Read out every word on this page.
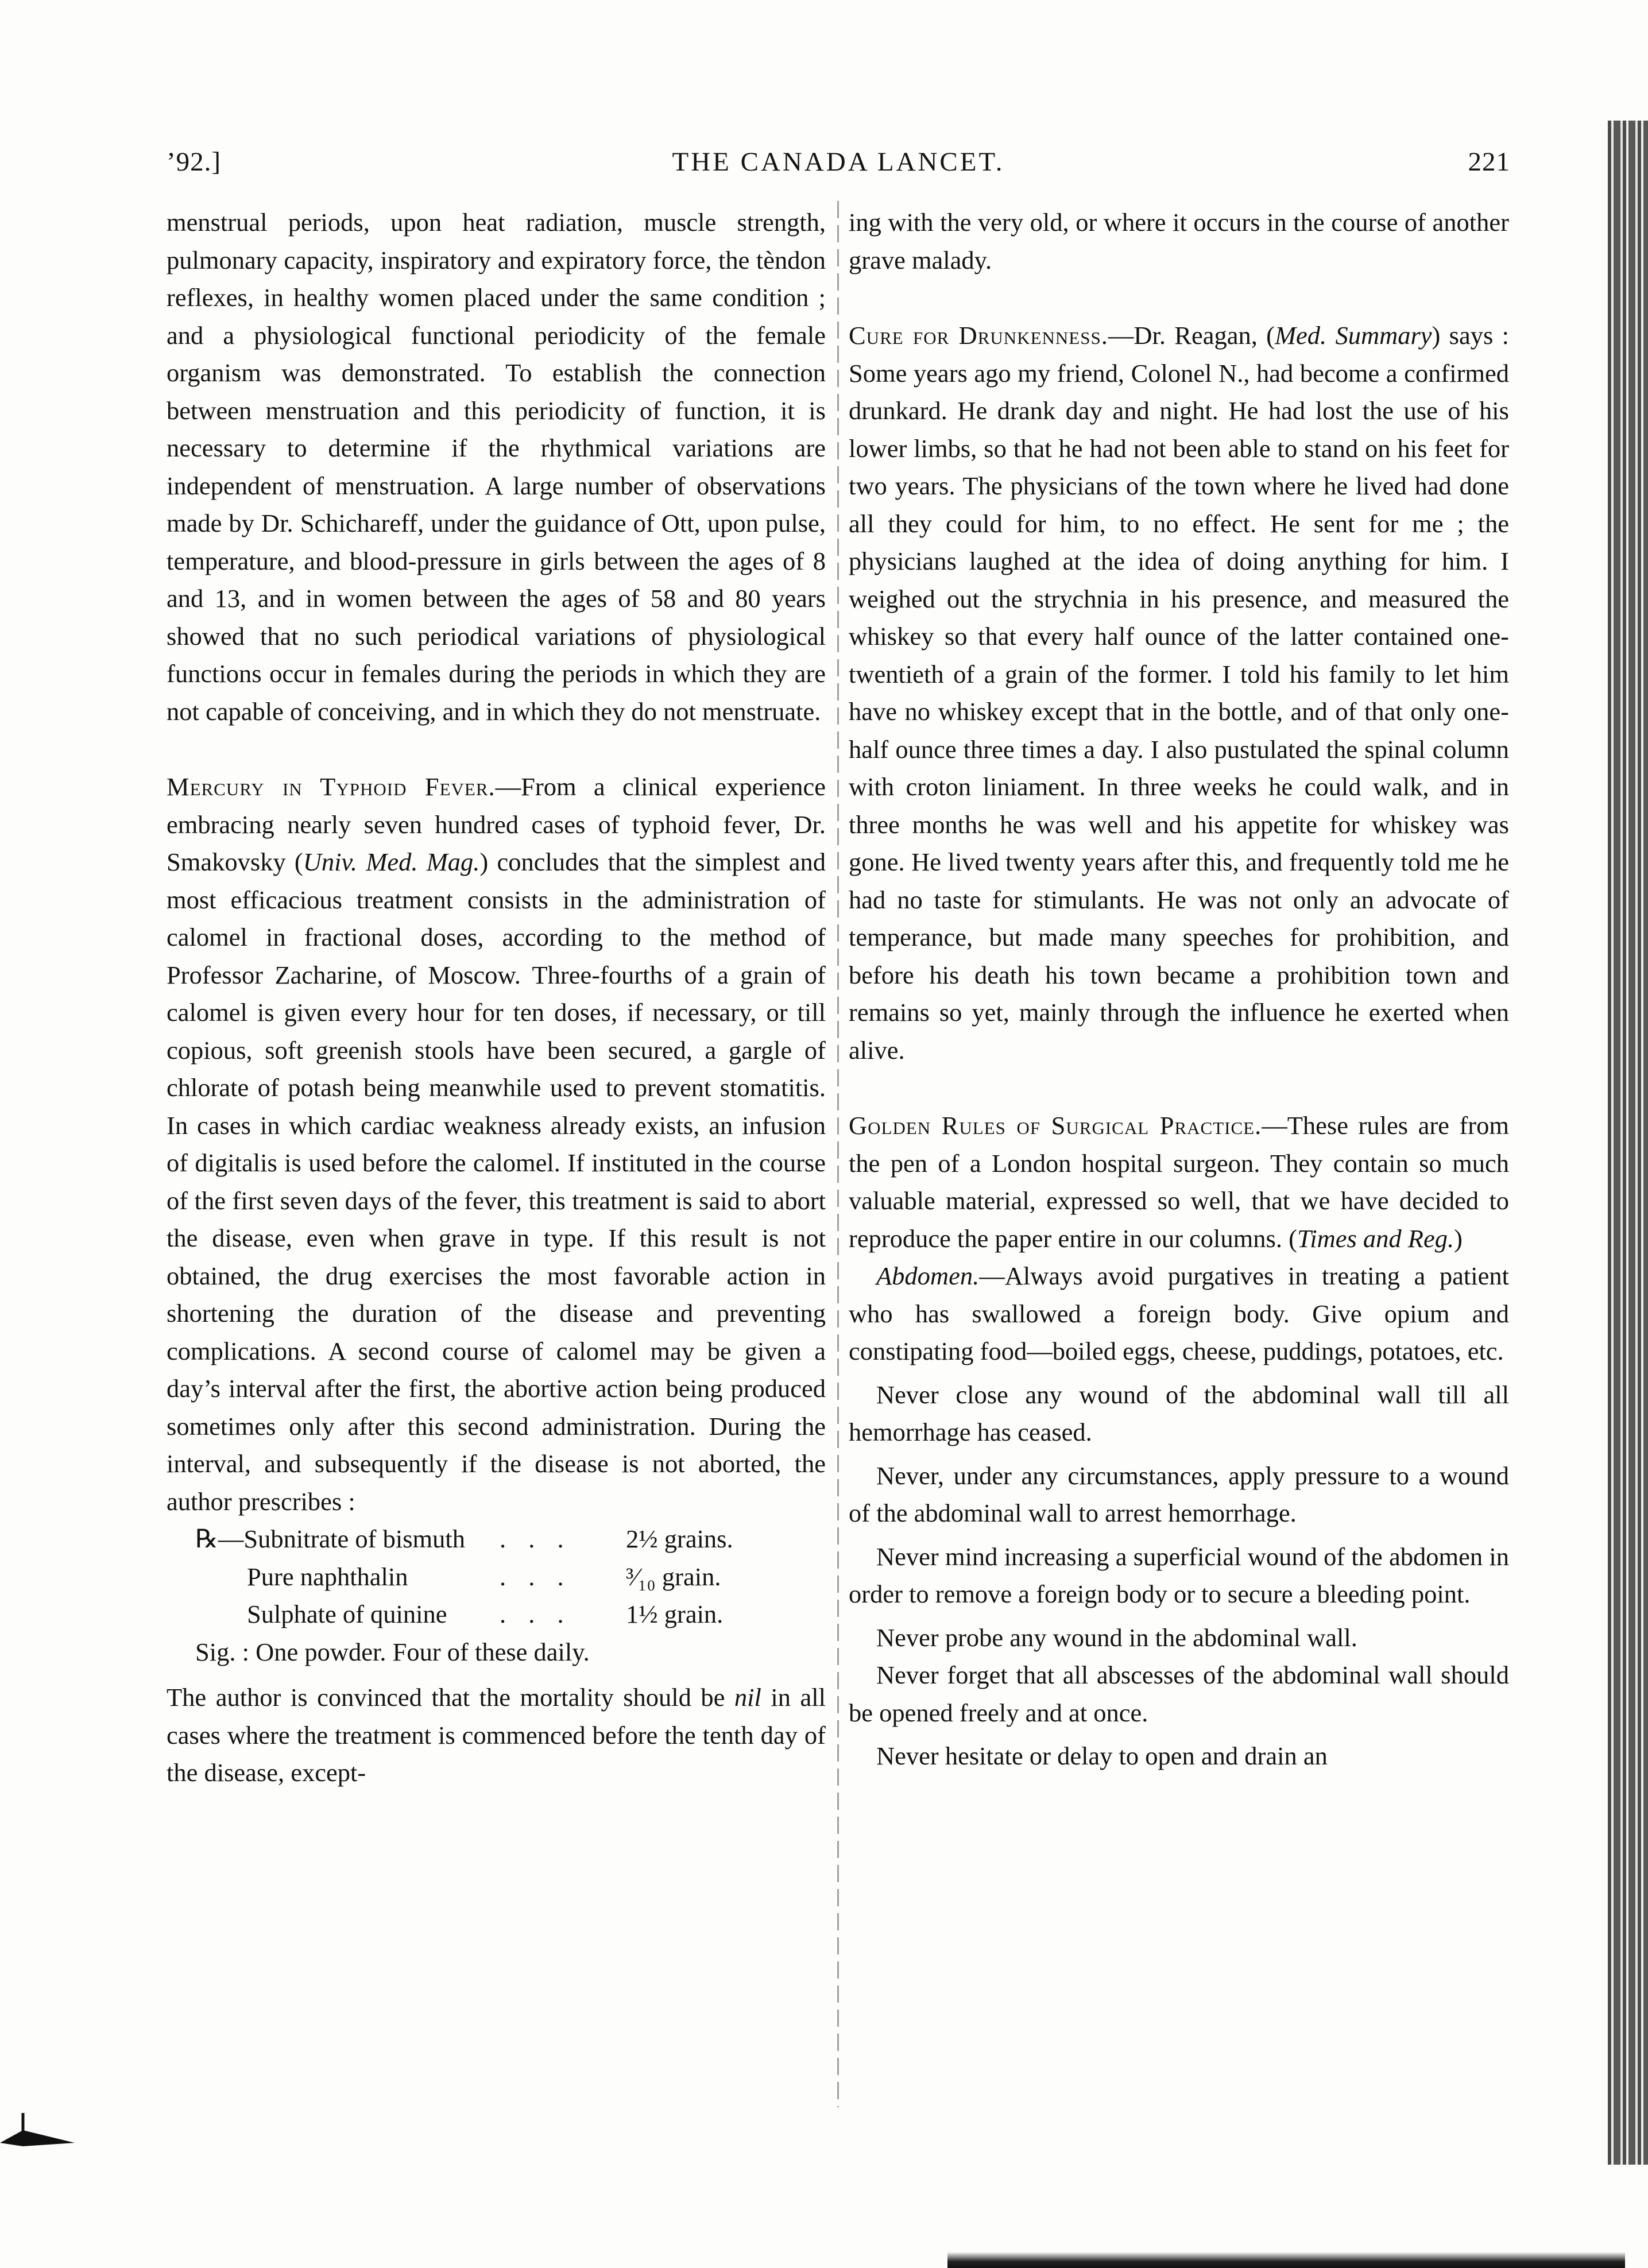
’92.]	THE CANADA LANCET.	221

menstrual periods, upon heat radiation, muscle strength, pulmonary capacity, inspiratory and expiratory force, the tèndon reflexes, in healthy women placed under the same condition ; and a physiological functional periodicity of the female organism was demonstrated. To establish the connection between menstruation and this periodicity of function, it is necessary to determine if the rhythmical variations are independent of menstruation. A large number of observations made by Dr. Schichareff, under the guidance of Ott, upon pulse, temperature, and blood-pressure in girls between the ages of 8 and 13, and in women between the ages of 58 and 80 years showed that no such periodical variations of physiological functions occur in females during the periods in which they are not capable of conceiving, and in which they do not menstruate.

Mercury in Typhoid Fever.—From a clinical experience embracing nearly seven hundred cases of typhoid fever, Dr. Smakovsky (Univ. Med. Mag.) concludes that the simplest and most efficacious treatment consists in the administration of calomel in fractional doses, according to the method of Professor Zacharine, of Moscow. Three-fourths of a grain of calomel is given every hour for ten doses, if necessary, or till copious, soft greenish stools have been secured, a gargle of chlorate of potash being meanwhile used to prevent stomatitis. In cases in which cardiac weakness already exists, an infusion of digitalis is used before the calomel. If instituted in the course of the first seven days of the fever, this treatment is said to abort the disease, even when grave in type. If this result is not obtained, the drug exercises the most favorable action in shortening the duration of the disease and preventing complications. A second course of calomel may be given a day’s interval after the first, the abortive action being produced sometimes only after this second administration. During the interval, and subsequently if the disease is not aborted, the author prescribes :

℞—Subnitrate of bismuth . . . 2½ grains.
Pure naphthalin	. . . ³⁄₁₀ grain.
Sulphate of quinine . . . 1½ grain.
Sig. : One powder. Four of these daily.

The author is convinced that the mortality should be nil in all cases where the treatment is commenced before the tenth day of the disease, except-

ing with the very old, or where it occurs in the course of another grave malady.

Cure for Drunkenness.—Dr. Reagan, (Med. Summary) says : Some years ago my friend, Colonel N., had become a confirmed drunkard. He drank day and night. He had lost the use of his lower limbs, so that he had not been able to stand on his feet for two years. The physicians of the town where he lived had done all they could for him, to no effect. He sent for me ; the physicians laughed at the idea of doing anything for him. I weighed out the strychnia in his presence, and measured the whiskey so that every half ounce of the latter contained one-twentieth of a grain of the former. I told his family to let him have no whiskey except that in the bottle, and of that only one-half ounce three times a day. I also pustulated the spinal column with croton liniament. In three weeks he could walk, and in three months he was well and his appetite for whiskey was gone. He lived twenty years after this, and frequently told me he had no taste for stimulants. He was not only an advocate of temperance, but made many speeches for prohibition, and before his death his town became a prohibition town and remains so yet, mainly through the influence he exerted when alive.

Golden Rules of Surgical Practice.—These rules are from the pen of a London hospital surgeon. They contain so much valuable material, expressed so well, that we have decided to reproduce the paper entire in our columns. (Times and Reg.)

Abdomen.—Always avoid purgatives in treating a patient who has swallowed a foreign body. Give opium and constipating food—boiled eggs, cheese, puddings, potatoes, etc.

Never close any wound of the abdominal wall till all hemorrhage has ceased.

Never, under any circumstances, apply pressure to a wound of the abdominal wall to arrest hemorrhage.

Never mind increasing a superficial wound of the abdomen in order to remove a foreign body or to secure a bleeding point.

Never probe any wound in the abdominal wall.

Never forget that all abscesses of the abdominal wall should be opened freely and at once.

Never hesitate or delay to open and drain an
